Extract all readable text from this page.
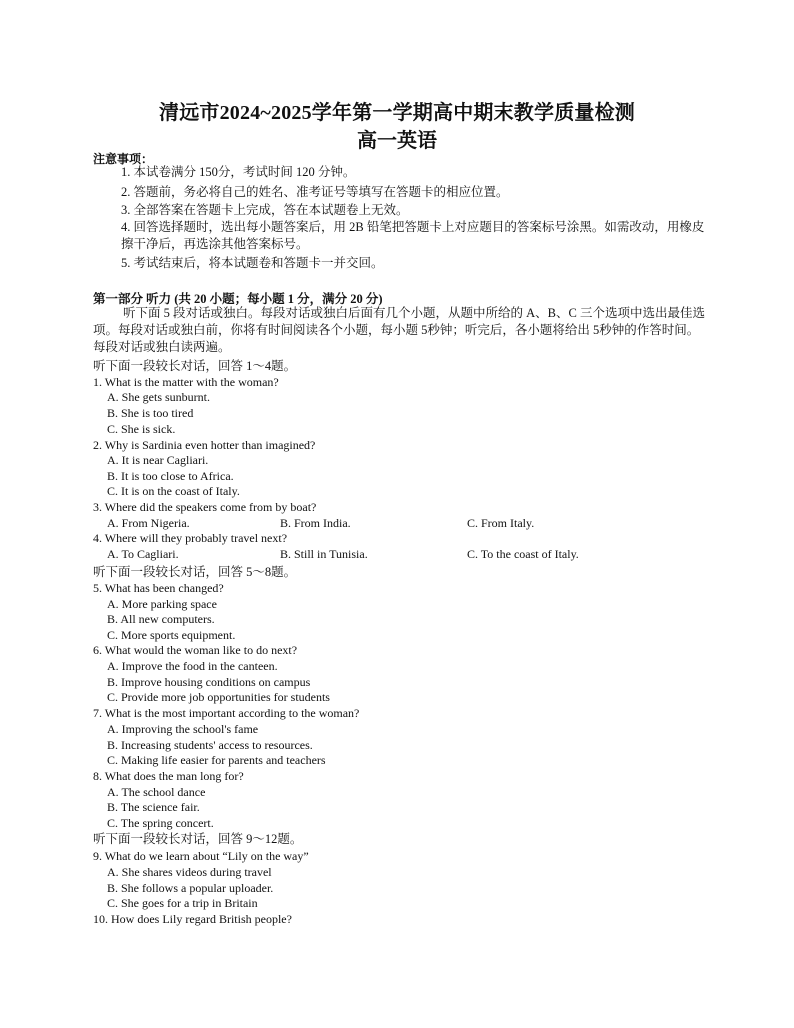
清远市2024~2025学年第一学期高中期末教学质量检测
高一英语
注意事项：
1. 本试卷满分 150分，考试时间 120 分钟。
2. 答题前，务必将自己的姓名、准考证号等填写在答题卡的相应位置。
3. 全部答案在答题卡上完成，答在本试题卷上无效。
4. 回答选择题时，选出每小题答案后，用 2B 铅笔把答题卡上对应题目的答案标号涂黑。如需改动，用橡皮擦干净后，再选涂其他答案标号。
5. 考试结束后，将本试题卷和答题卡一并交回。
第一部分 听力 (共 20 小题；每小题 1 分，满分 20 分)
听下面 5 段对话或独白。每段对话或独白后面有几个小题，从题中所给的 A、B、C 三个选项中选出最佳选项。每段对话或独白前，你将有时间阅读各个小题，每小题 5秒钟；听完后，各小题将给出 5秒钟的作答时间。每段对话或独白读两遍。
听下面一段较长对话，回答 1～4题。
1. What is the matter with the woman?
A. She gets sunburnt.
B. She is too tired
C. She is sick.
2. Why is Sardinia even hotter than imagined?
A. It is near Cagliari.
B. It is too close to Africa.
C. It is on the coast of Italy.
3. Where did the speakers come from by boat?
A. From Nigeria.	B. From India.	C. From Italy.
4. Where will they probably travel next?
A. To Cagliari.	B. Still in Tunisia.	C. To the coast of Italy.
听下面一段较长对话，回答 5～8题。
5. What has been changed?
A. More parking space
B. All new computers.
C. More sports equipment.
6. What would the woman like to do next?
A. Improve the food in the canteen.
B. Improve housing conditions on campus
C. Provide more job opportunities for students
7. What is the most important according to the woman?
A. Improving the school's fame
B. Increasing students' access to resources.
C. Making life easier for parents and teachers
8. What does the man long for?
A. The school dance
B. The science fair.
C. The spring concert.
听下面一段较长对话，回答 9～12题。
9. What do we learn about “Lily on the way”
A. She shares videos during travel
B. She follows a popular uploader.
C. She goes for a trip in Britain
10. How does Lily regard British people?
